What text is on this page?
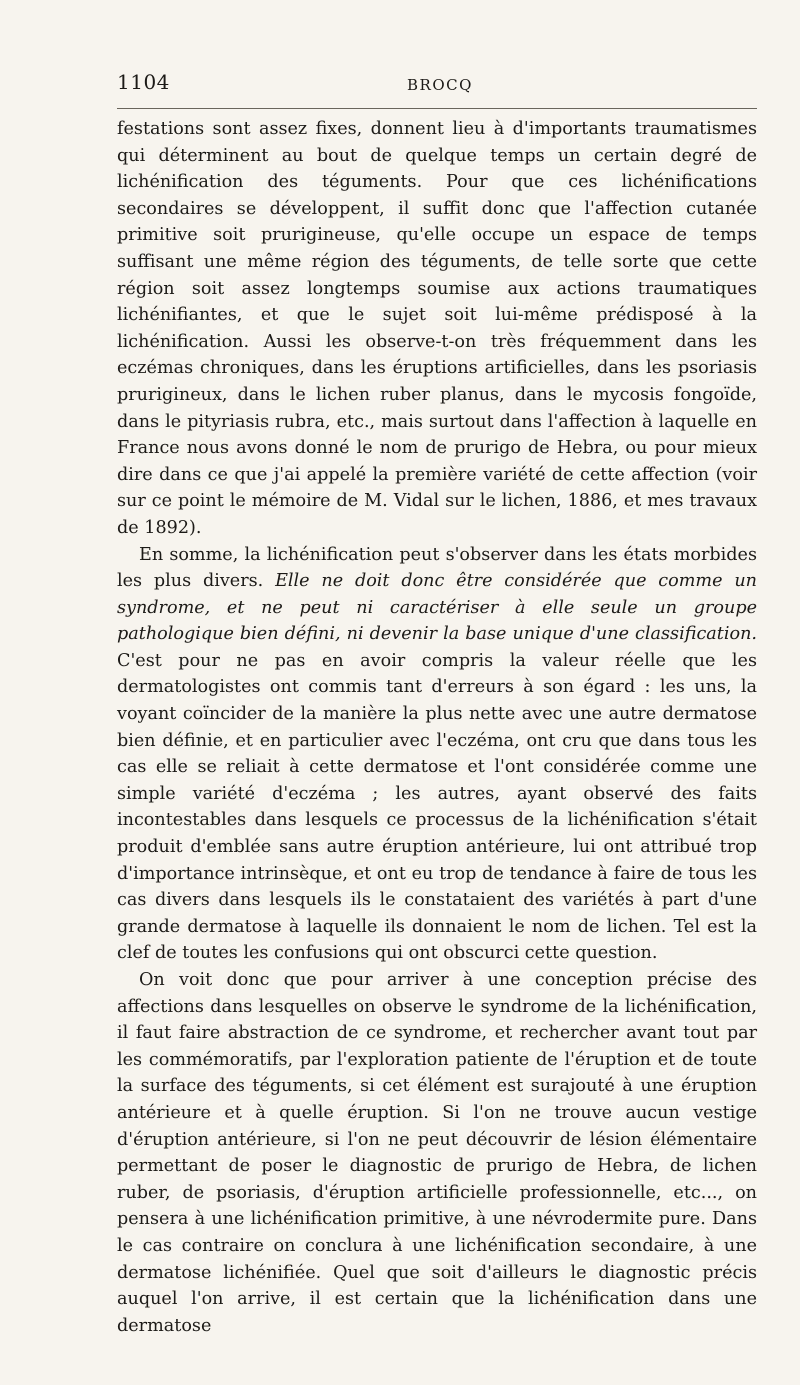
1104	BROCQ

festations sont assez fixes, donnent lieu à d'importants traumatismes qui déterminent au bout de quelque temps un certain degré de lichénification des téguments. Pour que ces lichénifications secondaires se développent, il suffit donc que l'affection cutanée primitive soit prurigineuse, qu'elle occupe un espace de temps suffisant une même région des téguments, de telle sorte que cette région soit assez longtemps soumise aux actions traumatiques lichénifiantes, et que le sujet soit lui-même prédisposé à la lichénification. Aussi les observe-t-on très fréquemment dans les eczémas chroniques, dans les éruptions artificielles, dans les psoriasis prurigineux, dans le lichen ruber planus, dans le mycosis fongoïde, dans le pityriasis rubra, etc., mais surtout dans l'affection à laquelle en France nous avons donné le nom de prurigo de Hebra, ou pour mieux dire dans ce que j'ai appelé la première variété de cette affection (voir sur ce point le mémoire de M. Vidal sur le lichen, 1886, et mes travaux de 1892).

En somme, la lichénification peut s'observer dans les états morbides les plus divers. Elle ne doit donc être considérée que comme un syndrome, et ne peut ni caractériser à elle seule un groupe pathologique bien défini, ni devenir la base unique d'une classification. C'est pour ne pas en avoir compris la valeur réelle que les dermatologistes ont commis tant d'erreurs à son égard : les uns, la voyant coïncider de la manière la plus nette avec une autre dermatose bien définie, et en particulier avec l'eczéma, ont cru que dans tous les cas elle se reliait à cette dermatose et l'ont considérée comme une simple variété d'eczéma ; les autres, ayant observé des faits incontestables dans lesquels ce processus de la lichénification s'était produit d'emblée sans autre éruption antérieure, lui ont attribué trop d'importance intrinsèque, et ont eu trop de tendance à faire de tous les cas divers dans lesquels ils le constataient des variétés à part d'une grande dermatose à laquelle ils donnaient le nom de lichen. Tel est la clef de toutes les confusions qui ont obscurci cette question.

On voit donc que pour arriver à une conception précise des affections dans lesquelles on observe le syndrome de la lichénification, il faut faire abstraction de ce syndrome, et rechercher avant tout par les commémoratifs, par l'exploration patiente de l'éruption et de toute la surface des téguments, si cet élément est surajouté à une éruption antérieure et à quelle éruption. Si l'on ne trouve aucun vestige d'éruption antérieure, si l'on ne peut découvrir de lésion élémentaire permettant de poser le diagnostic de prurigo de Hebra, de lichen ruber, de psoriasis, d'éruption artificielle professionnelle, etc..., on pensera à une lichénification primitive, à une névrodermite pure. Dans le cas contraire on conclura à une lichénification secondaire, à une dermatose lichénifiée. Quel que soit d'ailleurs le diagnostic précis auquel l'on arrive, il est certain que la lichénification dans une dermatose
